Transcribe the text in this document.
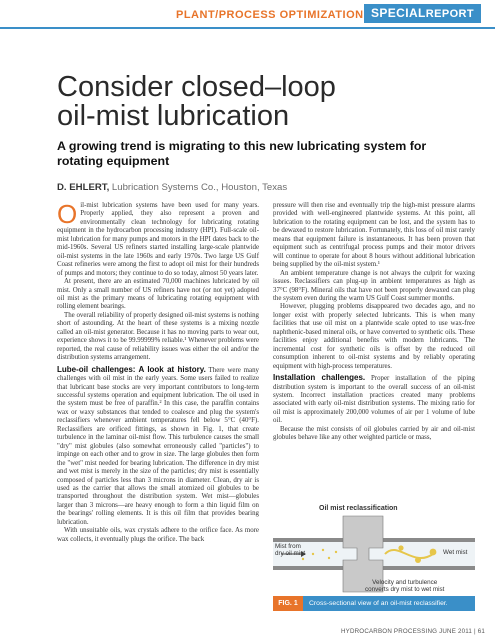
PLANT/PROCESS OPTIMIZATION SPECIALREPORT
Consider closed–loop
oil-mist lubrication
A growing trend is migrating to this new lubricating system for rotating equipment
D. EHLERT, Lubrication Systems Co., Houston, Texas

Oil-mist lubrication systems have been used for many years. Properly applied, they also represent a proven and environmentally clean technology for lubricating rotating equipment in the hydrocarbon processing industry (HPI). Full-scale oil-mist lubrication for many pumps and motors in the HPI dates back to the mid-1960s. Several US refiners started installing large-scale plantwide oil-mist systems in the late 1960s and early 1970s. Two large US Gulf Coast refineries were among the first to adopt oil mist for their hundreds of pumps and motors; they continue to do so today, almost 50 years later.

At present, there are an estimated 70,000 machines lubricated by oil mist. Only a small number of US refiners have not (or not yet) adopted oil mist as the primary means of lubricating rotating equipment with rolling element bearings.

The overall reliability of properly designed oil-mist systems is nothing short of astounding. At the heart of these systems is a mixing nozzle called an oil-mist generator. Because it has no moving parts to wear out, experience shows it to be 99.99999% reliable.¹ Whenever problems were reported, the real cause of reliability issues was either the oil and/or the distribution systems arrangement.

Lube-oil challenges: A look at history. There were many challenges with oil mist in the early years. Some users failed to realize that lubricant base stocks are very important contributors to long-term successful systems operation and equipment lubrication. The oil used in the system must be free of paraffin.² In this case, the paraffin contains wax or waxy substances that tended to coalesce and plug the system's reclassifiers whenever ambient temperatures fell below 5°C (40°F). Reclassifiers are orificed fittings, as shown in Fig. 1, that create turbulence in the laminar oil-mist flow. This turbulence causes the small "dry" mist globules (also somewhat erroneously called "particles") to impinge on each other and to grow in size. The large globules then form the "wet" mist needed for bearing lubrication. The difference in dry mist and wet mist is merely in the size of the particles; dry mist is essentially composed of particles less than 3 microns in diameter. Clean, dry air is used as the carrier that allows the small atomized oil globules to be transported throughout the distribution system. Wet mist—globules larger than 3 microns—are heavy enough to form a thin liquid film on the bearings' rolling elements. It is this oil film that provides bearing lubrication.

With unsuitable oils, wax crystals adhere to the orifice face. As more wax collects, it eventually plugs the orifice. The back

pressure will then rise and eventually trip the high-mist pressure alarms provided with well-engineered plantwide systems. At this point, all lubrication to the rotating equipment can be lost, and the system has to be dewaxed to restore lubrication. Fortunately, this loss of oil mist rarely means that equipment failure is instantaneous. It has been proven that equipment such as centrifugal process pumps and their motor drivers will continue to operate for about 8 hours without additional lubrication being supplied by the oil-mist system.¹

An ambient temperature change is not always the culprit for waxing issues. Reclassifiers can plug-up in ambient temperatures as high as 37°C (98°F). Mineral oils that have not been properly dewaxed can plug the system even during the warm US Gulf Coast summer months.

However, plugging problems disappeared two decades ago, and no longer exist with properly selected lubricants. This is when many facilities that use oil mist on a plantwide scale opted to use wax-free naphthenic-based mineral oils, or have converted to synthetic oils. These facilities enjoy additional benefits with modern lubricants. The incremental cost for synthetic oils is offset by the reduced oil consumption inherent to oil-mist systems and by reliably operating equipment with high-process temperatures.

Installation challenges. Proper installation of the piping distribution system is important to the overall success of an oil-mist system. Incorrect installation practices created many problems associated with early oil-mist distribution systems. The mixing ratio for oil mist is approximately 200,000 volumes of air per 1 volume of lube oil.

Because the mist consists of oil globules carried by air and oil-mist globules behave like any other weighted particle or mass,

Oil mist reclassification
Mist from
dry oil mist	Wet mist
Velocity and turbulence
converts dry mist to wet mist
FIG. 1	Cross-sectional view of an oil-mist reclassifier.
HYDROCARBON PROCESSING JUNE 2011 | 61
